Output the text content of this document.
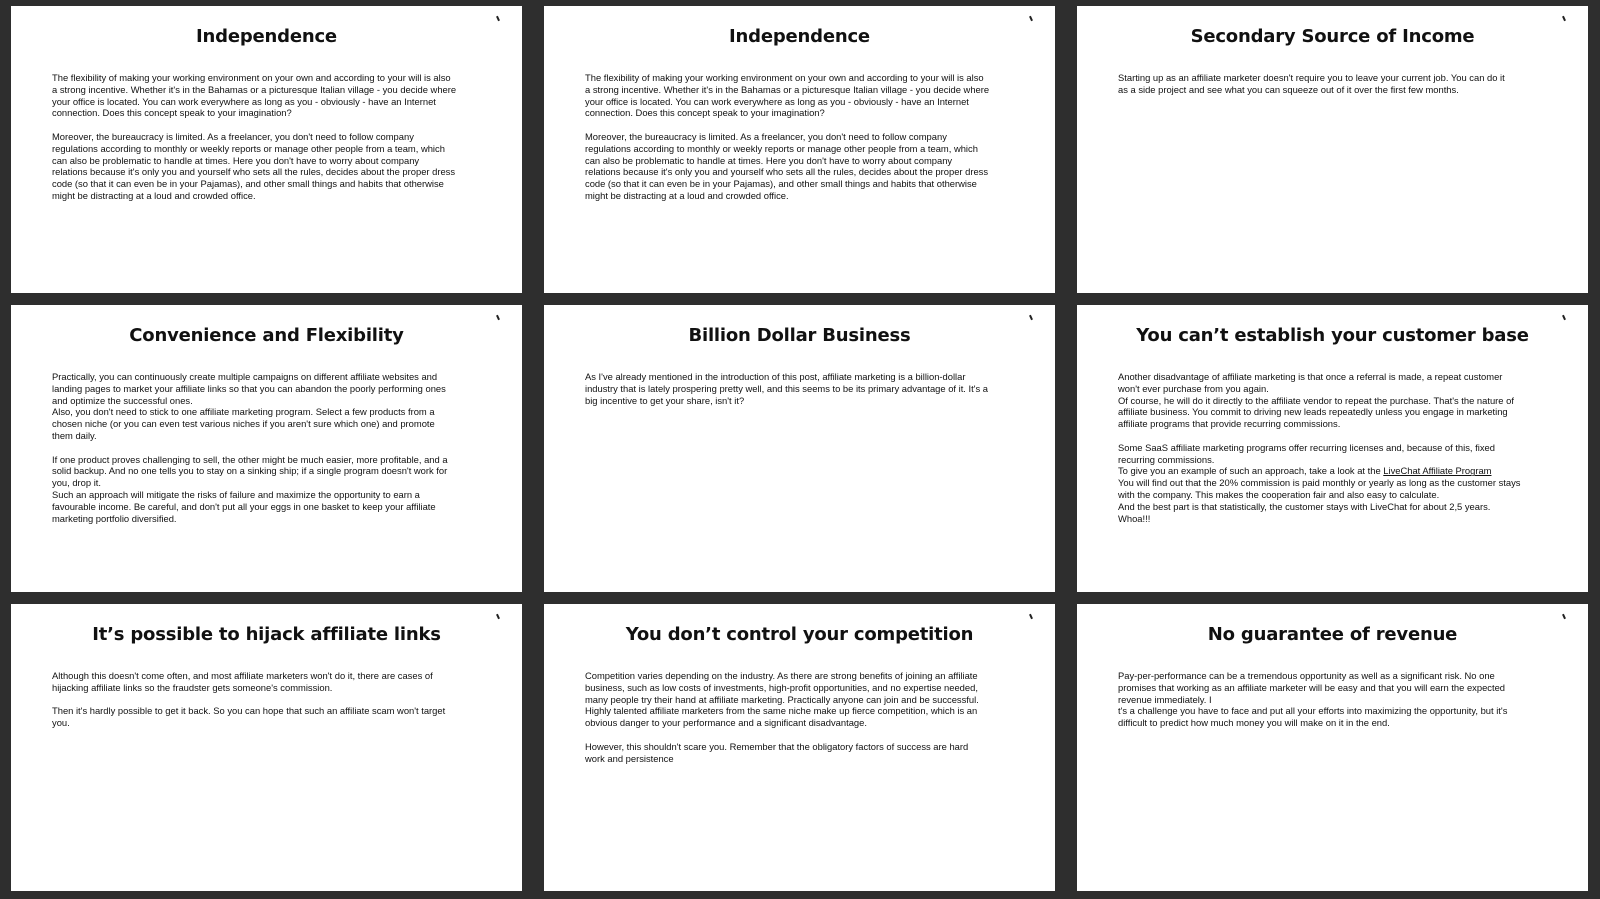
Independence

The flexibility of making your working environment on your own and according to your will is also
a strong incentive. Whether it's in the Bahamas or a picturesque Italian village - you decide where
your office is located. You can work everywhere as long as you - obviously - have an Internet
connection. Does this concept speak to your imagination?

Moreover, the bureaucracy is limited. As a freelancer, you don't need to follow company
regulations according to monthly or weekly reports or manage other people from a team, which
can also be problematic to handle at times. Here you don't have to worry about company
relations because it's only you and yourself who sets all the rules, decides about the proper dress
code (so that it can even be in your Pajamas), and other small things and habits that otherwise
might be distracting at a loud and crowded office.

Independence

The flexibility of making your working environment on your own and according to your will is also
a strong incentive. Whether it's in the Bahamas or a picturesque Italian village - you decide where
your office is located. You can work everywhere as long as you - obviously - have an Internet
connection. Does this concept speak to your imagination?

Moreover, the bureaucracy is limited. As a freelancer, you don't need to follow company
regulations according to monthly or weekly reports or manage other people from a team, which
can also be problematic to handle at times. Here you don't have to worry about company
relations because it's only you and yourself who sets all the rules, decides about the proper dress
code (so that it can even be in your Pajamas), and other small things and habits that otherwise
might be distracting at a loud and crowded office.

Secondary Source of Income

Starting up as an affiliate marketer doesn't require you to leave your current job. You can do it
as a side project and see what you can squeeze out of it over the first few months.

Convenience and Flexibility

Practically, you can continuously create multiple campaigns on different affiliate websites and
landing pages to market your affiliate links so that you can abandon the poorly performing ones
and optimize the successful ones.
Also, you don't need to stick to one affiliate marketing program. Select a few products from a
chosen niche (or you can even test various niches if you aren't sure which one) and promote
them daily.

If one product proves challenging to sell, the other might be much easier, more profitable, and a
solid backup. And no one tells you to stay on a sinking ship; if a single program doesn't work for
you, drop it.
Such an approach will mitigate the risks of failure and maximize the opportunity to earn a
favourable income. Be careful, and don't put all your eggs in one basket to keep your affiliate
marketing portfolio diversified.

Billion Dollar Business

As I've already mentioned in the introduction of this post, affiliate marketing is a billion-dollar
industry that is lately prospering pretty well, and this seems to be its primary advantage of it. It's a
big incentive to get your share, isn't it?

You can’t establish your customer base

Another disadvantage of affiliate marketing is that once a referral is made, a repeat customer
won't ever purchase from you again.
Of course, he will do it directly to the affiliate vendor to repeat the purchase. That's the nature of
affiliate business. You commit to driving new leads repeatedly unless you engage in marketing
affiliate programs that provide recurring commissions.

Some SaaS affiliate marketing programs offer recurring licenses and, because of this, fixed
recurring commissions.
To give you an example of such an approach, take a look at the LiveChat Affiliate Program
You will find out that the 20% commission is paid monthly or yearly as long as the customer stays
with the company. This makes the cooperation fair and also easy to calculate.
And the best part is that statistically, the customer stays with LiveChat for about 2,5 years.
Whoa!!!

It’s possible to hijack affiliate links

Although this doesn't come often, and most affiliate marketers won't do it, there are cases of
hijacking affiliate links so the fraudster gets someone's commission.

Then it's hardly possible to get it back. So you can hope that such an affiliate scam won't target
you.

You don’t control your competition

Competition varies depending on the industry. As there are strong benefits of joining an affiliate
business, such as low costs of investments, high-profit opportunities, and no expertise needed,
many people try their hand at affiliate marketing. Practically anyone can join and be successful.
Highly talented affiliate marketers from the same niche make up fierce competition, which is an
obvious danger to your performance and a significant disadvantage.

However, this shouldn't scare you. Remember that the obligatory factors of success are hard
work and persistence

No guarantee of revenue

Pay-per-performance can be a tremendous opportunity as well as a significant risk. No one
promises that working as an affiliate marketer will be easy and that you will earn the expected
revenue immediately. I
t's a challenge you have to face and put all your efforts into maximizing the opportunity, but it's
difficult to predict how much money you will make on it in the end.
